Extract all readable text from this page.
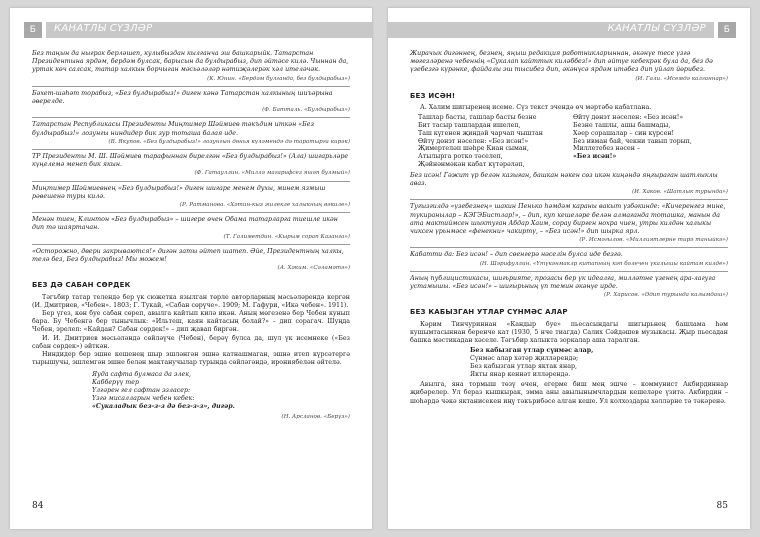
Б	КАНАТЛЫ СҮЗЛӘР

Без таңын да ныграк берләшеп, кулыбыздан кылганча эш башкарыйк. Татарстан Президентына ярдәм, бердәм булсак, барысын да булдырабыз, дип әйтәсе килә. Чыннан да, уртак көч салсак, татар халкын борчыган мәсьәләләр нәтиҗәлерәк хәл ителәчәк.

(К. Юнин. «Бердәм булганда, без булдырабыз»)

Бәхет-шәһәт торабыз, «Без булдырабыз!» диген кәнә Татарстан халкының шиъәрына әверелде.

(Ф. Батталь. «Булдырабыз»)

Татарстан Республикасы Президенты Миңтимер Шәймиев тәкъдим иткән «Без булдырабыз!» лозунгы ниндидер бик зур тоташа балая иде.

(В. Якупов. «Без булдырабыз!» лозунгын дөнья күләмендә дә таратырга кирәк)

ТР Президенты М. Ш. Шәймиев тарафыннан бирелгән «Без булдырабыз!» (Ала) шигарьләре күңелемә менеп бик якын.

(Ф. Гатауллин. «Миллә магарифсез яшәп булмый»)

Миңтимер Шәймиевнең «Без булдырабыз!» диген шигаре менем духы, минем язмыш рәвешенә туры килә.

(Р. Ратманова. «Хәтин-кыз эшлекле халыкның вәкиле»)

Менән тиен, Клинтон «Без булдырабыз» – шигере өчен Обама татарларга тиешле икән дип тә шаяртачан.

(Т. Галиметдин. «Кырым сорап Казанга»)

«Осторожно, двери закрываются!» дигән заты әйтеп шатеп. Әйе, Президентның халкы, телә без, Без булдырабыз! Мы можем!

(А. Хәким. «Сәламәтә»)

БЕЗ ДӘ САБАН СӨРДЕК

Тәгъбир татар телендә бер үк сюжетка язылган төрле авторларның мәсьәләрендә кергән (И. Дмитриев, «Чебен». 1803; Г. Тукай, «Сабан сөрүче». 1909; М. Гафури, «Икә чебен». 1911).

Бер үгез, көн буе сабан сөреп, авылга кайтып килә икән. Аның мөгезенә бер Чебен кунып бара. Бу Чебенгә бер тынычлык: «Ильтеш, каян кайтасың болай?» – дип сорагач. Шуңда Чебен, эрелеп: «Кайдан? Сабан сөрдек!» – дип җавап биргән.

И. И. Дмитриев мәсьәләндә сөйләүче (Чебен), берәү булса да, шул үк исемнеке («Без сабан сөрдек») әйткән.

Ниндидер бер эшне кешенең шыр эшләнгән эшнә катнашмаган, эшнә итеп күрсәтергә тырышучы, эшлемгән эшне белән мактанучылар турында сөйләгәндә, ирониябелән әйтелә.

Яуда сафта булмаса да элек,
Кабберүү тер
Үлгәрен гел сафтан эзласер:
Үзгә мисалларын чебен кебек:
«Сукаладык без-з-з дә без-з-з», дигәр.

(Н. Арсланов. «Берүз»)

84
Б
КАНАТЛЫ СҮЗЛӘР

Жирачык дигәннең, безнең, яңыш редакция работникларыннан, әкәнүе тесе үзгә мөгезләренә чебеннің «Сукалап кайттык киләббез!» дип әйтүе кебекрәк була да, без дә үзебезгә күрәнке, файдалы эш тысибез дип, әкәнүсә ярдәм итәбез дип уйлап йөрибез.

(И. Гали. «Исемдә калганнар»)

БЕЗ ИСӘН!

А. Халим шигыренең исеме. Сүз текст эчендә өч мәртәбә кабатлана.

Ташлар басты, ташлар басты безне
Бит тасыр ташлардан ишелеп,
Таш күгенен җиндәй чарчап чыштан
Өйтү дөнэт нәселен: «Без исән!»
Җимертеләп шәһре Киан сыман,
Атылырга ротко тәселеп,
Җәйнәнмәкән кабат күтәрәләп,
Өйтү дөнэт нәселен: «Без исән!»
Безне ташлы, ашы башмады,
Хәер сорашалар – син күрсен!
Без ивман бай, чекни тавып торып,
Миллетебез нәсен –
«Без исән!»

Без исән! Гәжит үр белән казыған, башкан нәкен сөз икән киңәндә яңгыраган шатлыклы аваз.

(И. Хаков. «Шатлык турында»)

Тугызгилдә «үзебезнең» шакин Пенько һәмдәм караны вакыт үзбәкинде: «Кичеренгез мине, тукиранылар – КЭГЭБистлар!», – дип, куп кешеләре белән алмаганда тоташка, манын да ата мактиймсен шыктуган Абдар Хаим, сорау бирген нохра чиен, утры килдән халыкы чиксен үрьнмәсе «фенекни» чакиртү, – «Без исән!» дип шырка ярл.

(Р. Исмәгылов. «Миллиятлерне тирә таныйкә»)

Кабатти да: Без исән! – дип сөенгерә нәселін булса иде безгә.

(Н. Шәрифуллин. «Үтүкәнмаклр китапның кәп бәлечен үкалышы кайтам килде»)

Аның публицистикасы, шигьрияте, прозасы бер үк идеалга, милләтне үзенең ара-лагуга устамышы. «Без исән!» – шигырьның үп темин әкәнүе ирде.

(Р. Харисов. «Әдип турында калымдаш»)

БЕЗ КАБЫЗГАН УТЛАР СҮНМӘС АЛАР

Кәрим Тинчуриннан «Кандыр буе» пьесасындагы шигырьнең башлама һәм кушымтасыннан беренче кат (1930, 5 нче тиагда) Салих Сәйдәшев музыкасы. Җыр пьесадан башка мәстикадан хәселе. Тәгъбир халыкта зоркалар аша таралган.

Без кабызган утлар сүнмәс алар,
Сүнмәс алар хәтәр җилләрендә;
Без кабызган утлар яктак янар,
Якты янар кеннәт илләрендә.

Авылга, яна тормыш төзү өчен, егерме биш мең эшче – коммунист Акбирдиннар җибәрелер. Ул бераз кышкырак, эмма аны авылынымчлардын кешеләре үзитә. Акбирдин – шоһәрдә чәкә яктанисекен иңү тәкърибәсе алган кеше. Ул колхоздары хәлләрне тә тәкәренә.

85
